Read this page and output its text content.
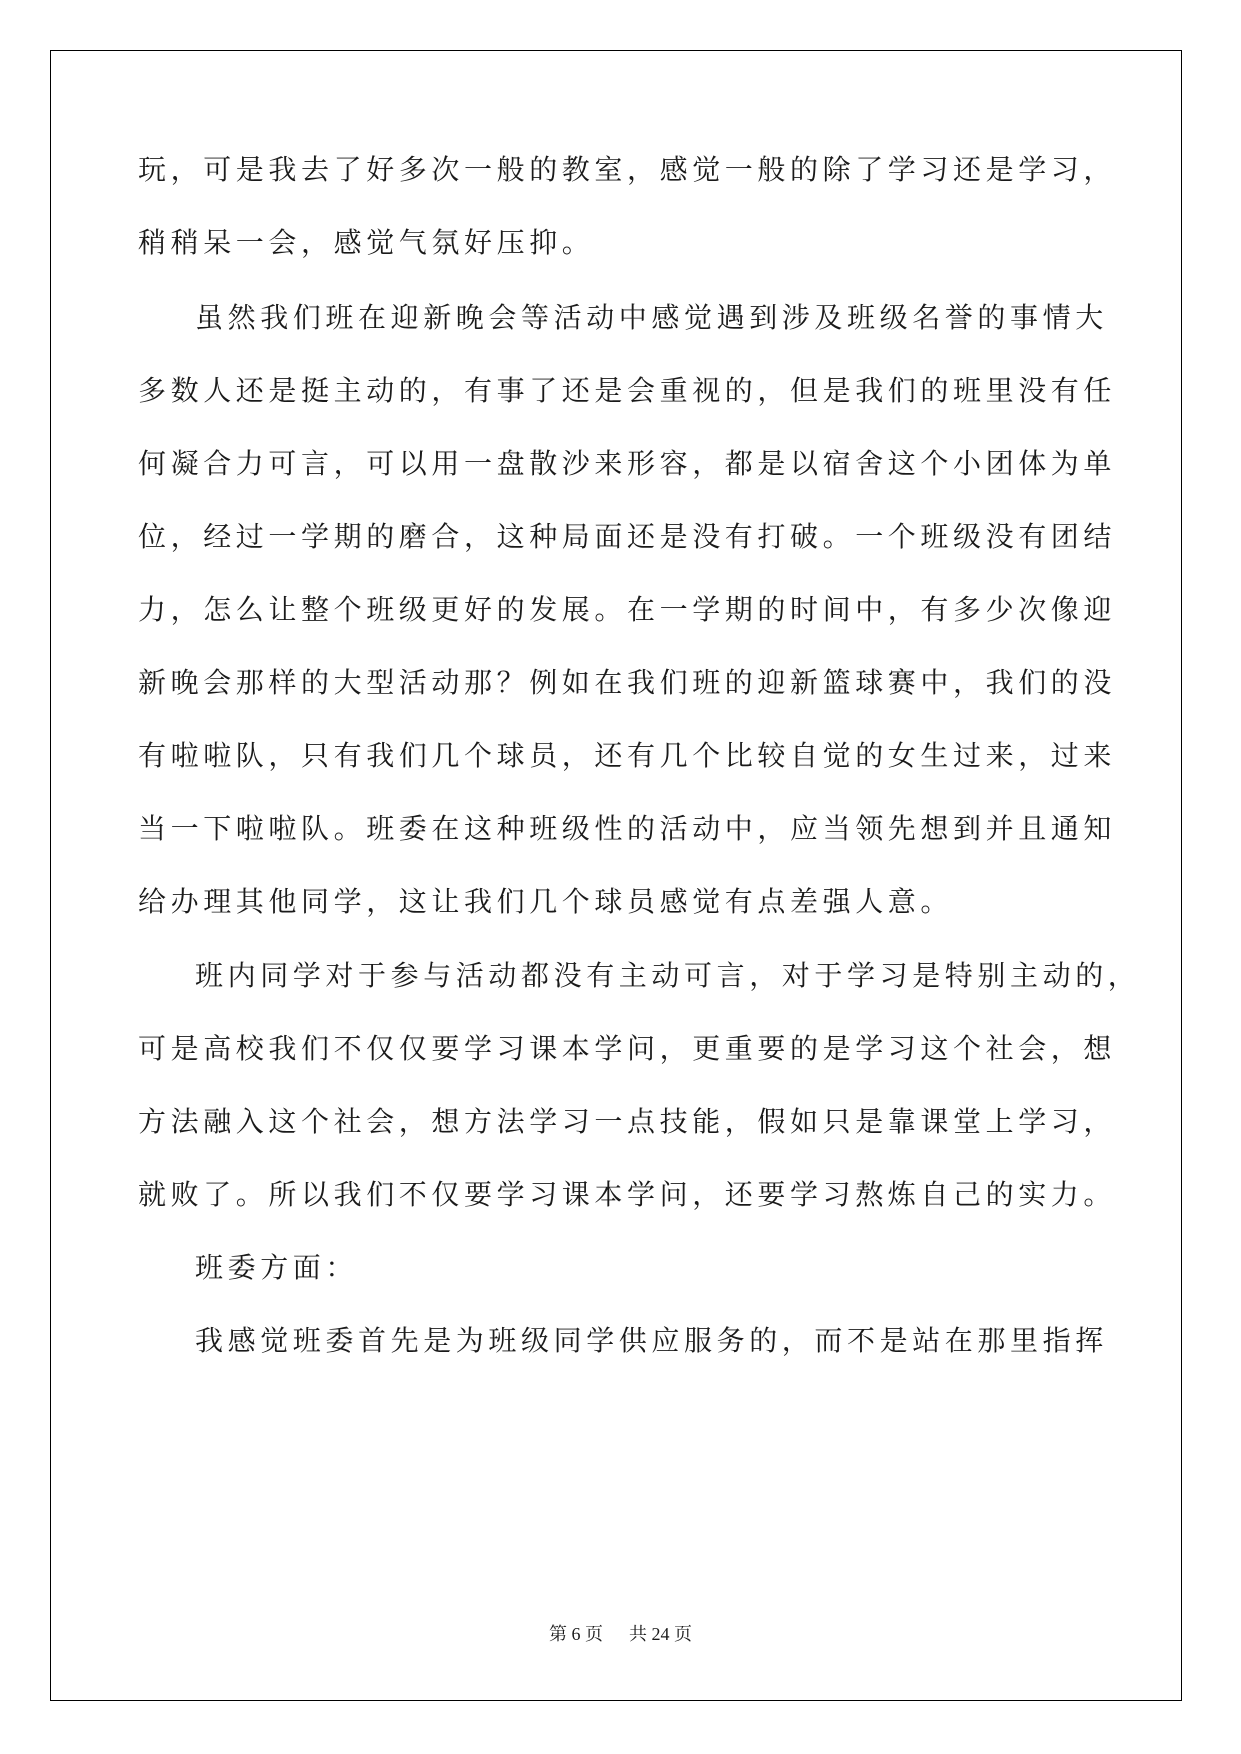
玩，可是我去了好多次一般的教室，感觉一般的除了学习还是学习，
稍稍呆一会，感觉气氛好压抑。
虽然我们班在迎新晚会等活动中感觉遇到涉及班级名誉的事情大
多数人还是挺主动的，有事了还是会重视的，但是我们的班里没有任
何凝合力可言，可以用一盘散沙来形容，都是以宿舍这个小团体为单
位，经过一学期的磨合，这种局面还是没有打破。一个班级没有团结
力，怎么让整个班级更好的发展。在一学期的时间中，有多少次像迎
新晚会那样的大型活动那？例如在我们班的迎新篮球赛中，我们的没
有啦啦队，只有我们几个球员，还有几个比较自觉的女生过来，过来
当一下啦啦队。班委在这种班级性的活动中，应当领先想到并且通知
给办理其他同学，这让我们几个球员感觉有点差强人意。
班内同学对于参与活动都没有主动可言，对于学习是特别主动的，
可是高校我们不仅仅要学习课本学问，更重要的是学习这个社会，想
方法融入这个社会，想方法学习一点技能，假如只是靠课堂上学习，
就败了。所以我们不仅要学习课本学问，还要学习熬炼自己的实力。
班委方面：
我感觉班委首先是为班级同学供应服务的，而不是站在那里指挥
第 6 页 共 24 页
